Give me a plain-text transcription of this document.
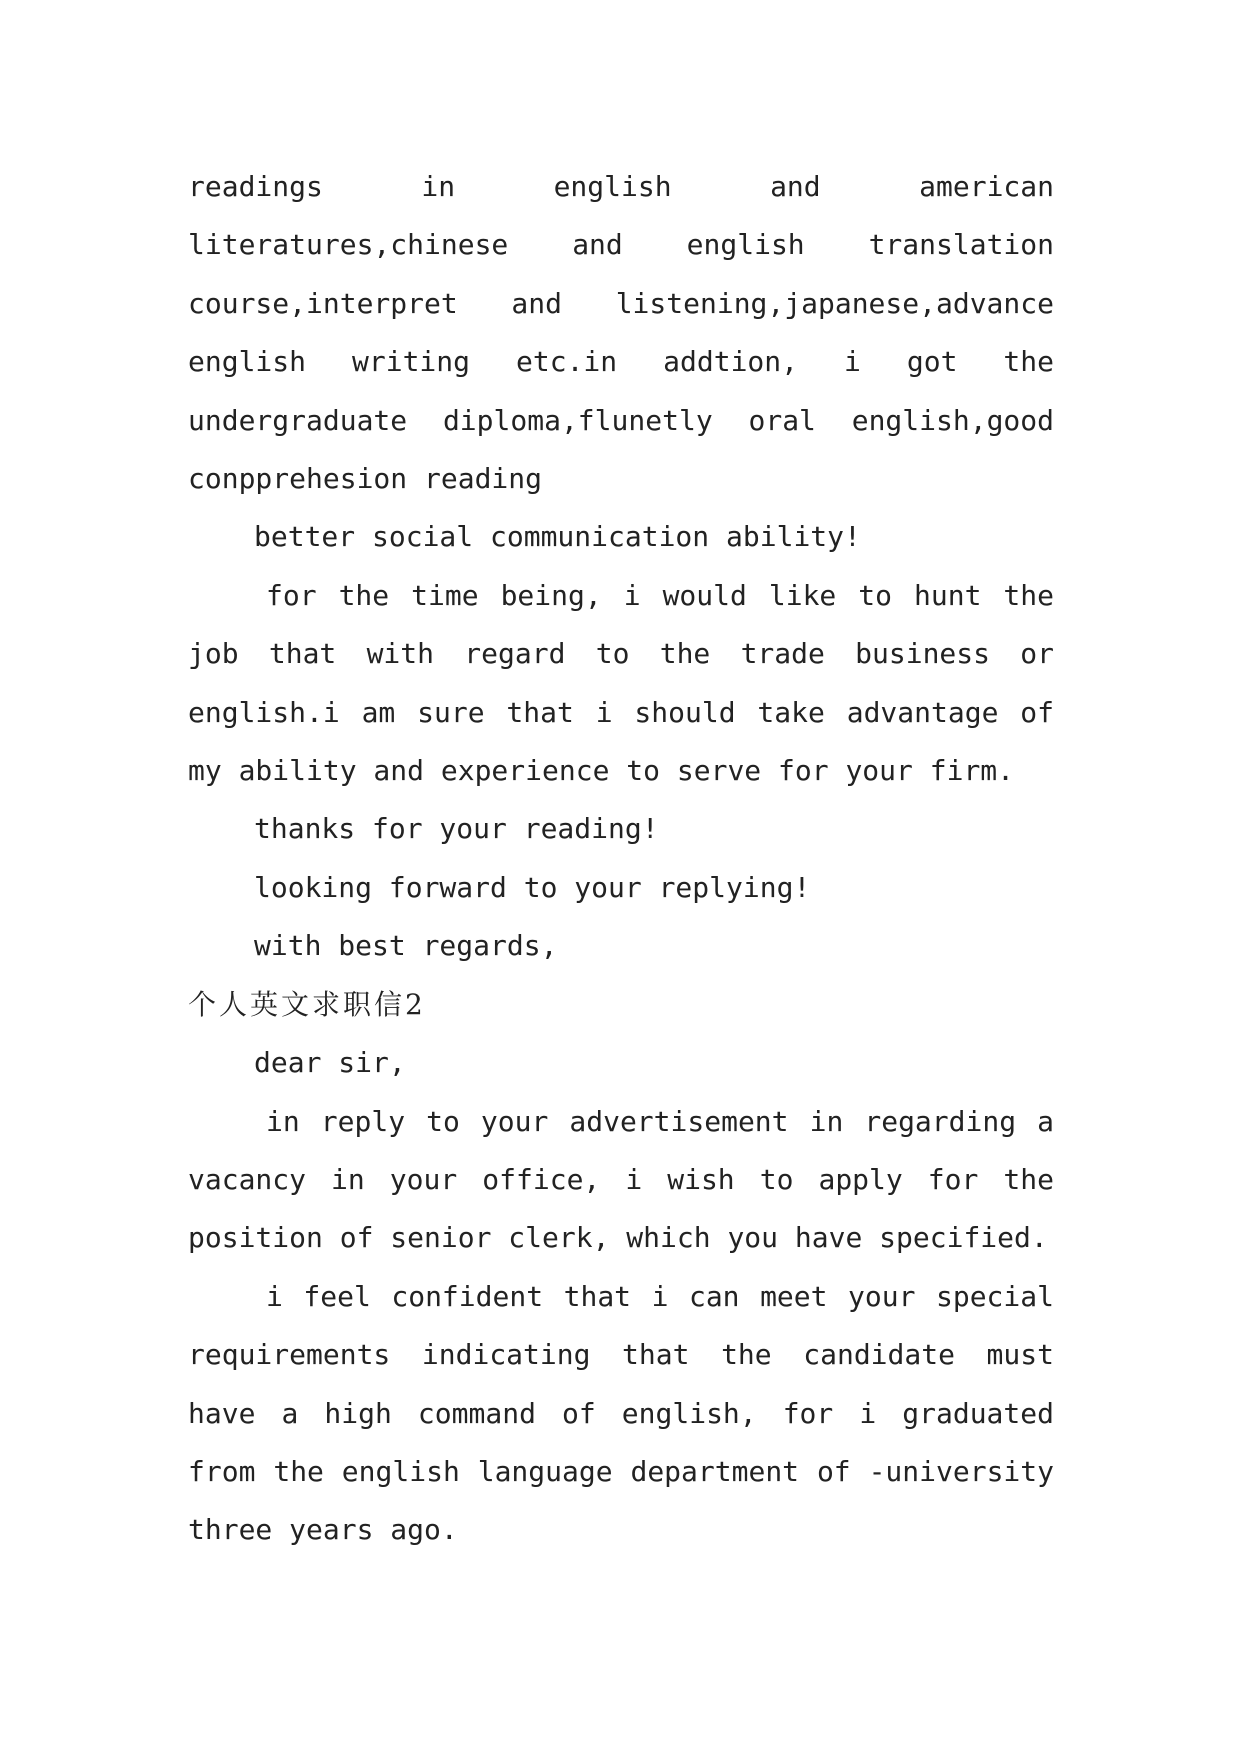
readings in english and american literatures,chinese and english translation course,interpret and listening,japanese,advance english writing etc.in addtion, i got the undergraduate diploma,flunetly oral english,good conpprehesion reading

better social communication ability!

for the time being, i would like to hunt the job that with regard to the trade business or english.i am sure that i should take advantage of my ability and experience to serve for your firm.

thanks for your reading!

looking forward to your replying!

with best regards,

个人英文求职信2

dear sir,

in reply to your advertisement in regarding a vacancy in your office, i wish to apply for the position of senior clerk, which you have specified.

i feel confident that i can meet your special requirements indicating that the candidate must have a high command of english, for i graduated from the english language department of -university three years ago.
